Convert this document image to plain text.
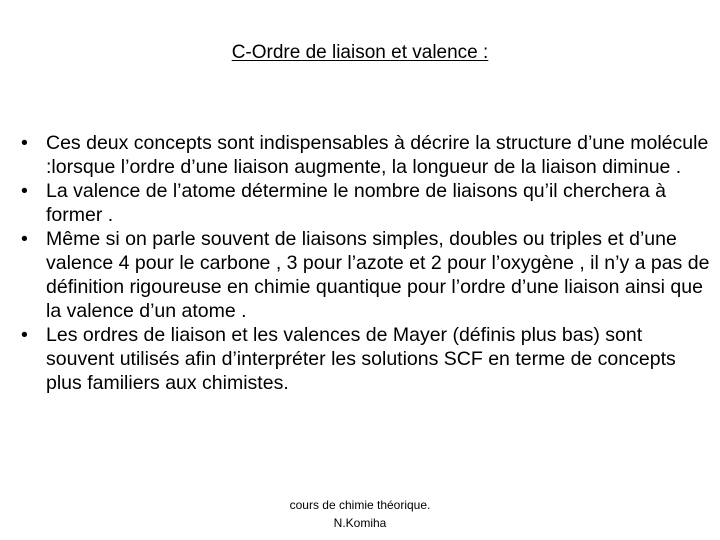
C-Ordre de liaison et valence :
• Ces deux concepts sont indispensables à décrire la structure d’une molécule :lorsque l’ordre d’une liaison augmente, la longueur de la liaison diminue .
• La valence de l’atome détermine le nombre de liaisons qu’il cherchera à former .
• Même si on parle souvent de liaisons simples, doubles ou triples et d’une valence 4 pour le carbone , 3 pour l’azote et 2 pour l’oxygène , il n’y a pas de définition rigoureuse en chimie quantique pour l’ordre d’une liaison ainsi que la valence d’un atome .
• Les ordres de liaison et les valences de Mayer (définis plus bas) sont souvent utilisés afin d’interpréter les solutions SCF en terme de concepts plus familiers aux chimistes.
cours de chimie théorique.
N.Komiha
